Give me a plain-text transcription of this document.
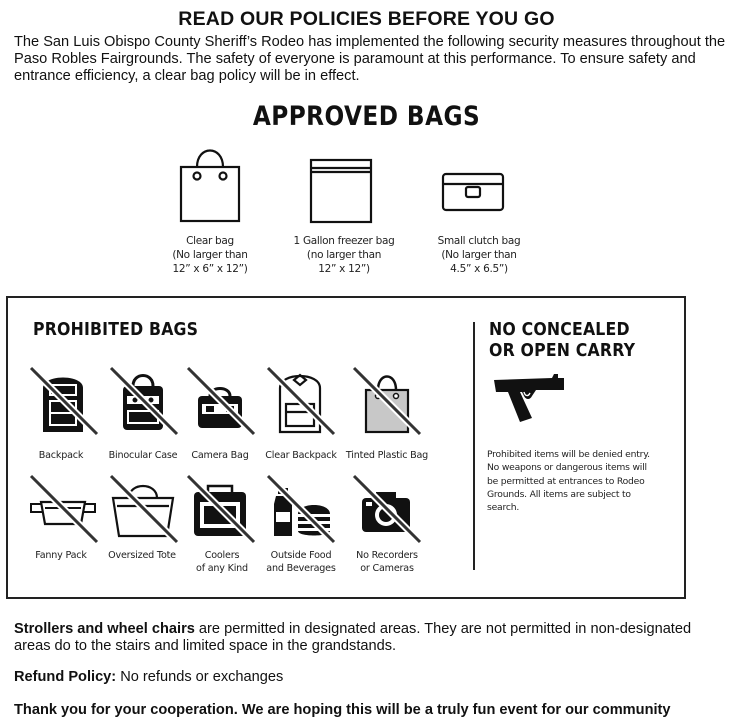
READ OUR POLICIES BEFORE YOU GO
The San Luis Obispo County Sheriff’s Rodeo has implemented the following security measures throughout the Paso Robles Fairgrounds. The safety of everyone is paramount at this performance. To ensure safety and entrance efficiency, a clear bag policy will be in effect.
APPROVED BAGS
Clear bag
(No larger than
12” x 6” x 12”)
1 Gallon freezer bag
(no larger than
12” x 12”)
Small clutch bag
(No larger than
4.5” x 6.5”)
PROHIBITED BAGS	NO CONCEALED
OR OPEN CARRY
Prohibited items will be denied entry. No weapons or dangerous items will be permitted at entrances to Rodeo Grounds. All items are subject to search.
Backpack	Binocular Case	Camera Bag	Clear Backpack Tinted Plastic Bag
Fanny Pack	Oversized Tote	Coolers
of any Kind
Outside Food
and Beverages
No Recorders
or Cameras
Strollers and wheel chairs are permitted in designated areas. They are not permitted in non-designated areas do to the stairs and limited space in the grandstands.
Refund Policy: No refunds or exchanges
Thank you for your cooperation. We are hoping this will be a truly fun event for our community
